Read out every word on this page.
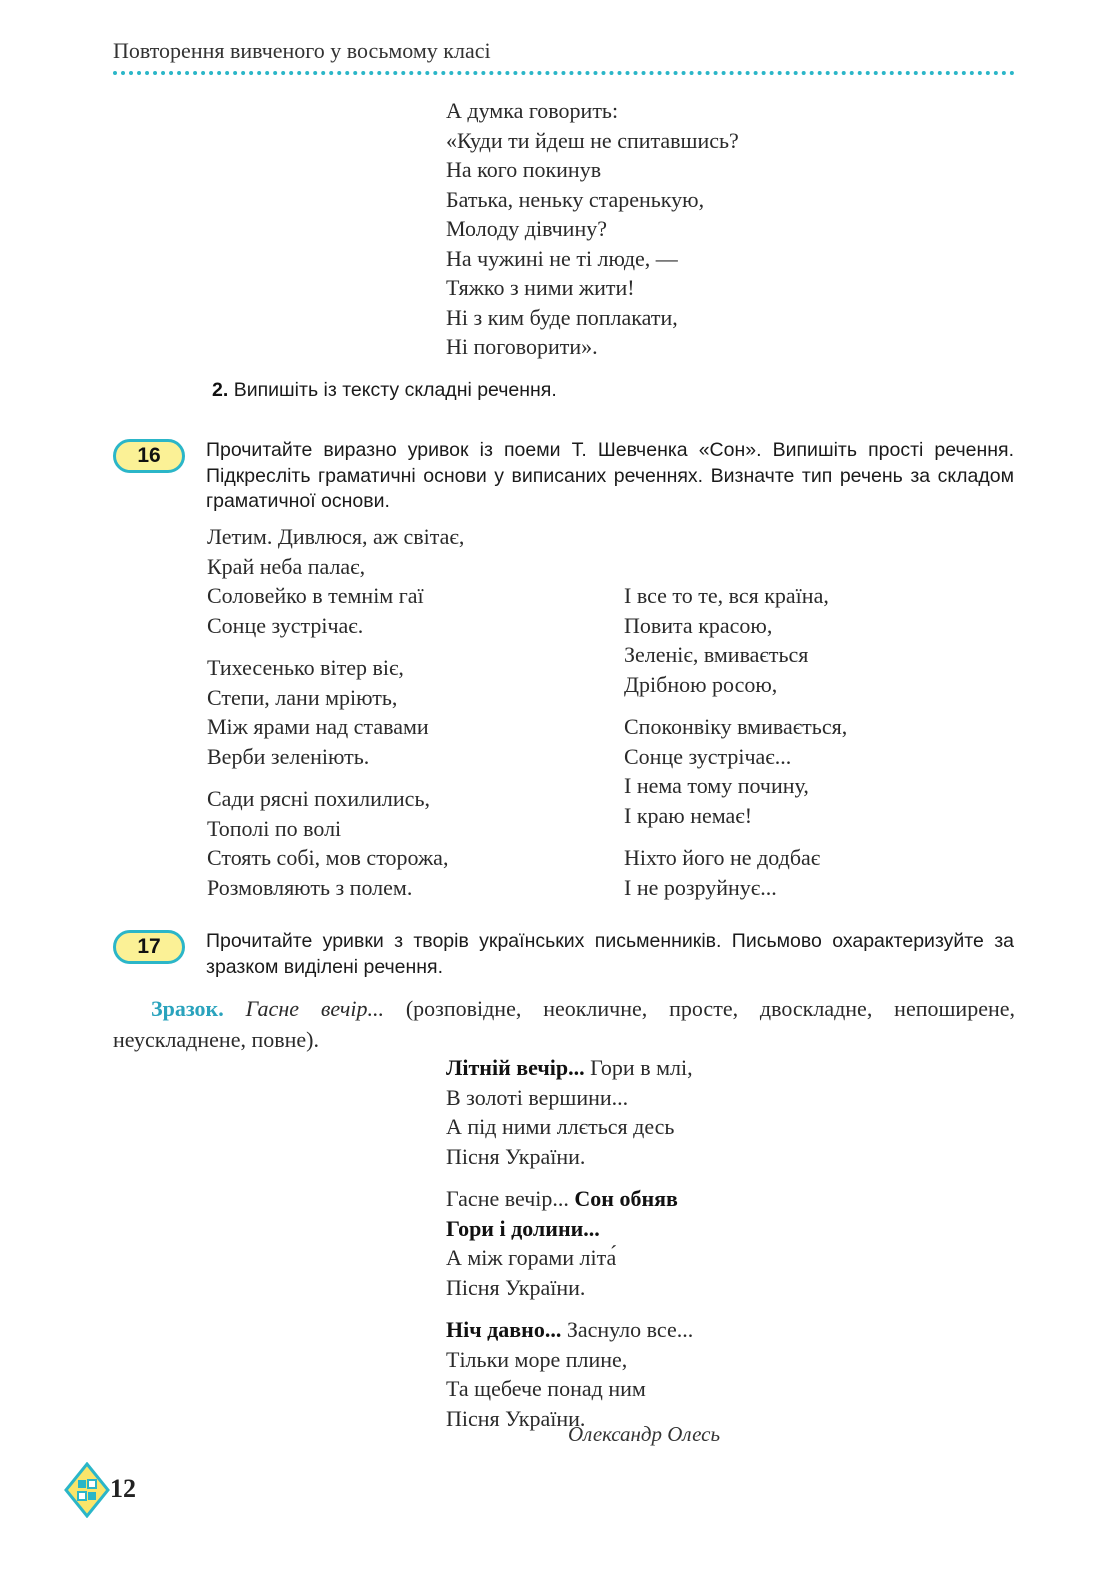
Повторення вивченого у восьмому класі
А думка говорить:
«Куди ти йдеш не спитавшись?
На кого покинув
Батька, неньку старенькую,
Молоду дівчину?
На чужині не ті люде, —
Тяжко з ними жити!
Ні з ким буде поплакати,
Ні поговорити».
2. Випишіть із тексту складні речення.
16	Прочитайте виразно уривок із поеми Т. Шевченка «Сон». Випишіть прості речення. Підкресліть граматичні основи у виписаних реченнях. Визначте тип речень за складом граматичної основи.
Летим. Дивлюся, аж світає,
Край неба палає,
Соловейко в темнім гаї
Сонце зустрічає.
Тихесенько вітер віє,
Степи, лани мріють,
Між ярами над ставами
Верби зеленіють.
Сади рясні похилились,
Тополі по волі
Стоять собі, мов сторожа,
Розмовляють з полем.
І все то те, вся країна,
Повита красою,
Зеленіє, вмивається
Дрібною росою,
Споконвіку вмивається,
Сонце зустрічає...
І нема тому почину,
І краю немає!
Ніхто його не додбає
І не розруйнує...
17	Прочитайте уривки з творів українських письменників. Письмово охарактеризуйте за зразком виділені речення.
Зразок. Гасне вечір... (розповідне, неокличне, просте, двоскладне, непоширене, неускладнене, повне).
Літній вечір... Гори в млі,
В золоті вершини...
А під ними ллється десь
Пісня України.
Гасне вечір... Сон обняв
Гори і долини...
А між горами літа́
Пісня України.
Ніч давно... Заснуло все...
Тільки море плине,
Та щебече понад ним
Пісня України.
Олександр Олесь
12
